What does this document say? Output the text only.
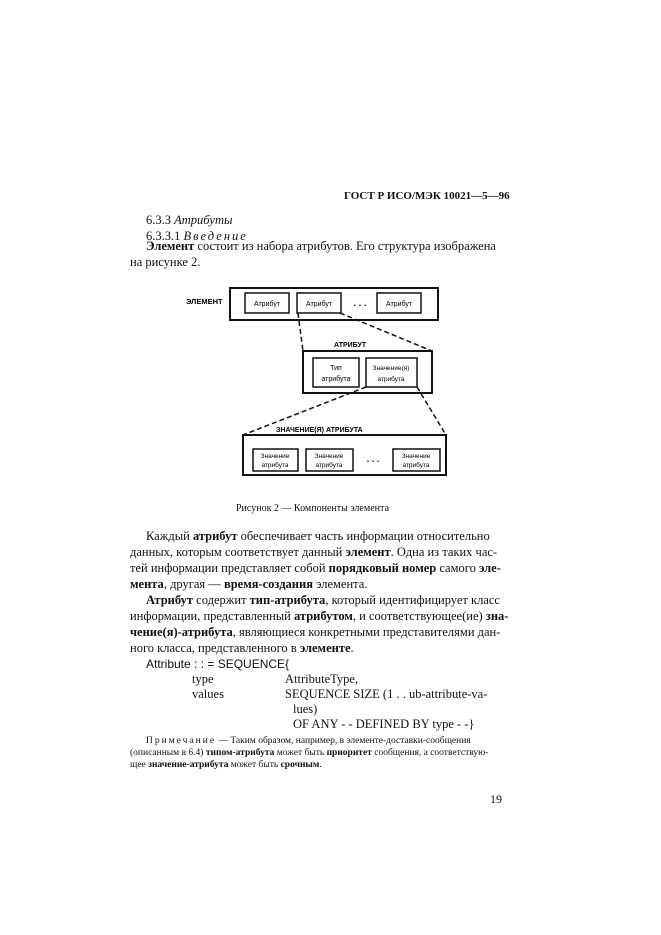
ГОСТ Р ИСО/МЭК 10021—5—96
6.3.3 Атрибуты
6.3.3.1 Введение
Элемент состоит из набора атрибутов. Его структура изображена
на рисунке 2.
ЭЛЕМЕНТ	Атрибут	Атрибут . . .	Атрибут
АТРИБУТ
Тип
атрибута
Значение(я)
атрибута
ЗНАЧЕНИЕ(Я) АТРИБУТА
Значение
атрибута
Значение
атрибута
. . .	Значение
атрибута
Рисунок 2 — Компоненты элемента
Каждый атрибут обеспечивает часть информации относительно
данных, которым соответствует данный элемент. Одна из таких час-
тей информации представляет собой порядковый номер самого эле-
мента, другая — время-создания элемента.
Атрибут содержит тип-атрибута, который идентифицирует класс
информации, представленный атрибутом, и соответствующее(ие) зна-
чение(я)-атрибута, являющиеся конкретными представителями дан-
ного класса, представленного в элементе.
Attribute : : = SEQUENCE{
type	AttributeType,
values	SEQUENCE SIZE (1 . . ub-attribute-va-
lues)
OF ANY - - DEFINED BY type - -}
Примечание — Таким образом, например, в элементе-доставки-сообщения
(описанным в 6.4) типом-атрибута может быть приоритет сообщения, а соответствую-
щее значение-атрибута может быть срочным.
19
